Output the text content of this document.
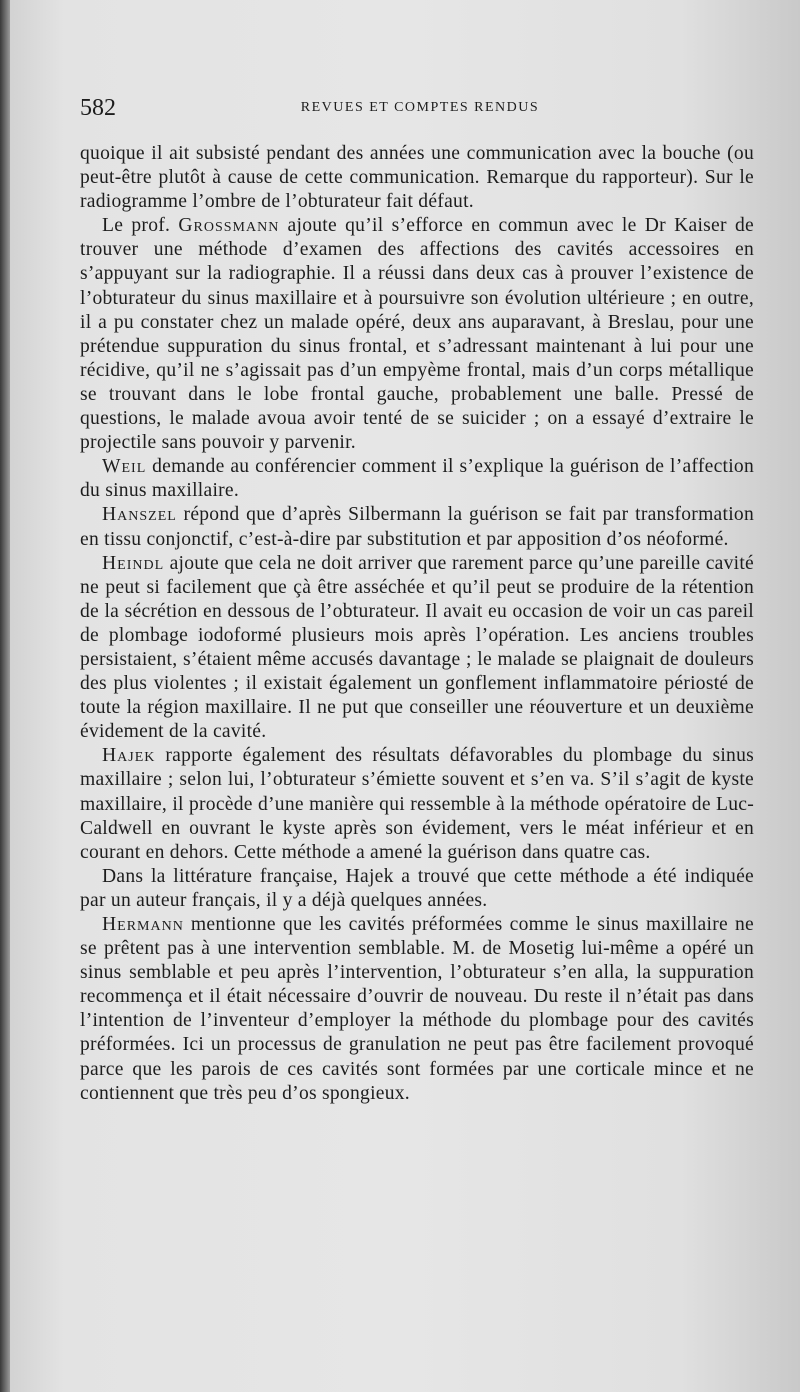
582	REVUES ET COMPTES RENDUS

quoique il ait subsisté pendant des années une communication avec la bouche (ou peut-être plutôt à cause de cette communication. Remarque du rapporteur). Sur le radiogramme l’ombre de l’obturateur fait défaut.

Le prof. Grossmann ajoute qu’il s’efforce en commun avec le Dr Kaiser de trouver une méthode d’examen des affections des cavités accessoires en s’appuyant sur la radiographie. Il a réussi dans deux cas à prouver l’existence de l’obturateur du sinus maxillaire et à poursuivre son évolution ultérieure ; en outre, il a pu constater chez un malade opéré, deux ans auparavant, à Breslau, pour une prétendue suppuration du sinus frontal, et s’adressant maintenant à lui pour une récidive, qu’il ne s’agissait pas d’un empyème frontal, mais d’un corps métallique se trouvant dans le lobe frontal gauche, probablement une balle. Pressé de questions, le malade avoua avoir tenté de se suicider ; on a essayé d’extraire le projectile sans pouvoir y parvenir.

Weil demande au conférencier comment il s’explique la guérison de l’affection du sinus maxillaire.

Hanszel répond que d’après Silbermann la guérison se fait par transformation en tissu conjonctif, c’est-à-dire par substitution et par apposition d’os néoformé.

Heindl ajoute que cela ne doit arriver que rarement parce qu’une pareille cavité ne peut si facilement que çà être asséchée et qu’il peut se produire de la rétention de la sécrétion en dessous de l’obturateur. Il avait eu occasion de voir un cas pareil de plombage iodoformé plusieurs mois après l’opération. Les anciens troubles persistaient, s’étaient même accusés davantage ; le malade se plaignait de douleurs des plus violentes ; il existait également un gonflement inflammatoire périosté de toute la région maxillaire. Il ne put que conseiller une réouverture et un deuxième évidement de la cavité.

Hajek rapporte également des résultats défavorables du plombage du sinus maxillaire ; selon lui, l’obturateur s’émiette souvent et s’en va. S’il s’agit de kyste maxillaire, il procède d’une manière qui ressemble à la méthode opératoire de Luc-Caldwell en ouvrant le kyste après son évidement, vers le méat inférieur et en courant en dehors. Cette méthode a amené la guérison dans quatre cas.

Dans la littérature française, Hajek a trouvé que cette méthode a été indiquée par un auteur français, il y a déjà quelques années.

Hermann mentionne que les cavités préformées comme le sinus maxillaire ne se prêtent pas à une intervention semblable. M. de Mosetig lui-même a opéré un sinus semblable et peu après l’intervention, l’obturateur s’en alla, la suppuration recommença et il était nécessaire d’ouvrir de nouveau. Du reste il n’était pas dans l’intention de l’inventeur d’employer la méthode du plombage pour des cavités préformées. Ici un processus de granulation ne peut pas être facilement provoqué parce que les parois de ces cavités sont formées par une corticale mince et ne contiennent que très peu d’os spongieux.
